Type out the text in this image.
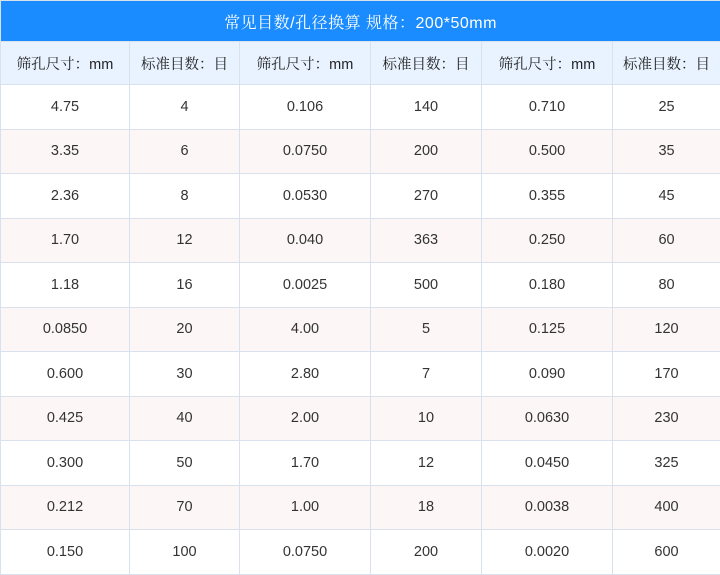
常见目数/孔径换算 规格：200*50mm					
筛孔尺寸：mm	标准目数：目	筛孔尺寸：mm	标准目数：目	筛孔尺寸：mm	标准目数：目
4.75	4	0.106	140	0.710	25
3.35	6	0.0750	200	0.500	35
2.36	8	0.0530	270	0.355	45
1.70	12	0.040	363	0.250	60
1.18	16	0.0025	500	0.180	80
0.0850	20	4.00	5	0.125	120
0.600	30	2.80	7	0.090	170
0.425	40	2.00	10	0.0630	230
0.300	50	1.70	12	0.0450	325
0.212	70	1.00	18	0.0038	400
0.150	100	0.0750	200	0.0020	600
